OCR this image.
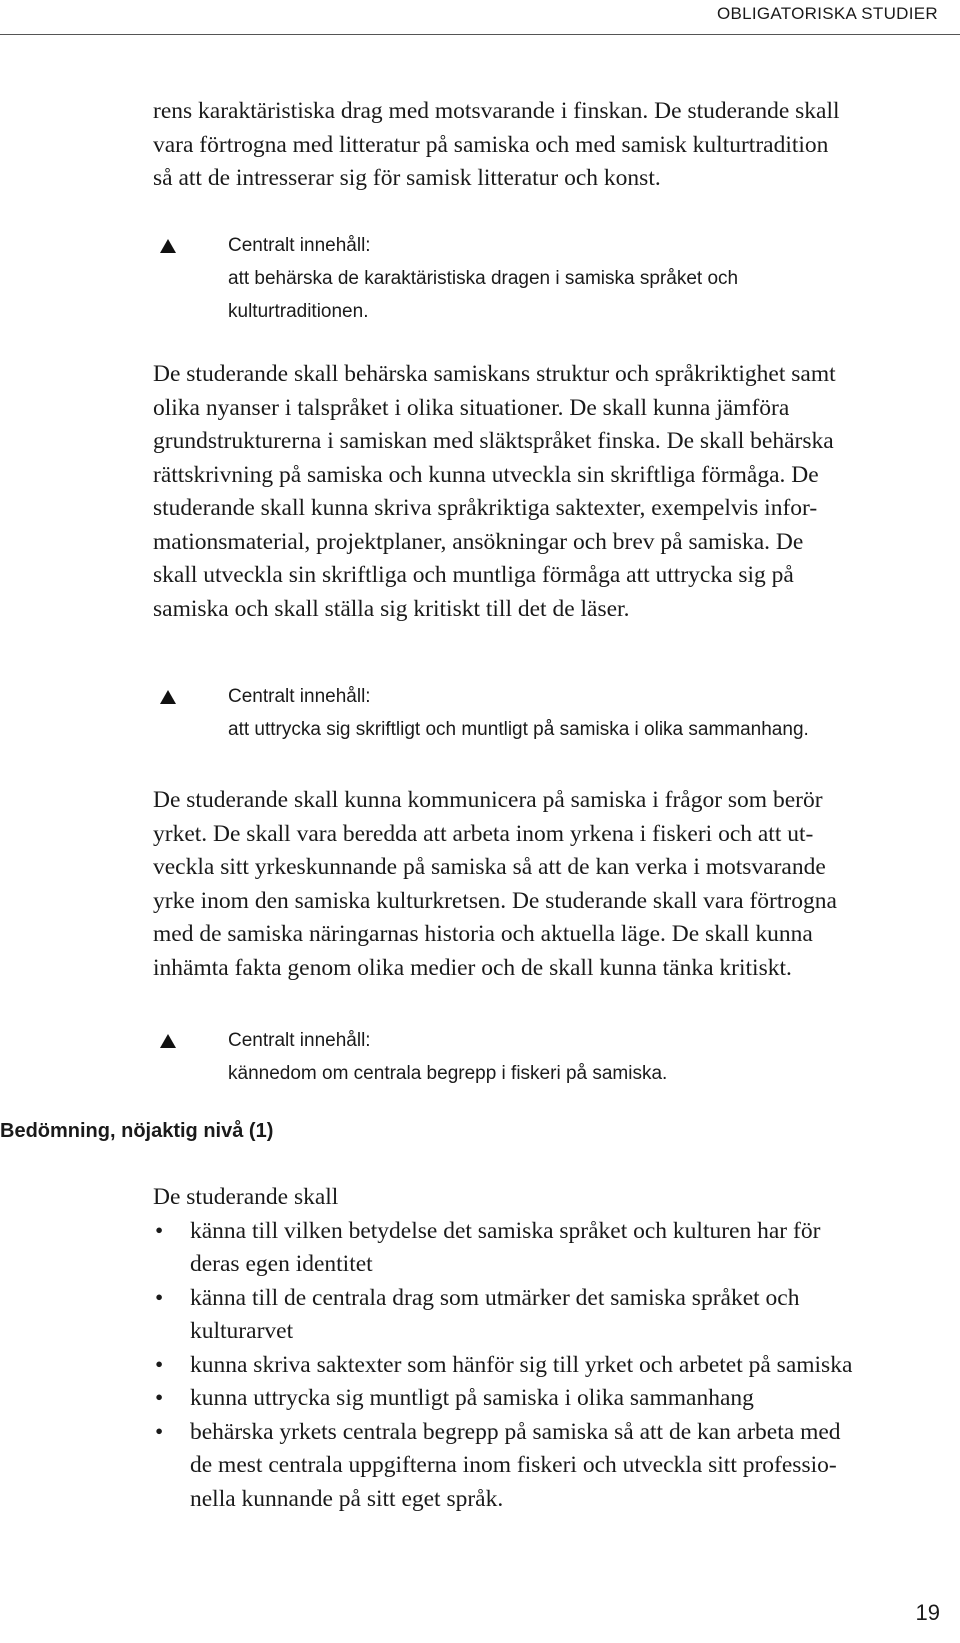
OBLIGATORISKA STUDIER

rens karaktäristiska drag med motsvarande i finskan. De studerande skall

vara förtrogna med litteratur på samiska och med samisk kulturtradition

så att de intresserar sig för samisk litteratur och konst.

Centralt innehåll:
att behärska de karaktäristiska dragen i samiska språket och
kulturtraditionen.

De studerande skall behärska samiskans struktur och språkriktighet samt

olika nyanser i talspråket i olika situationer. De skall kunna jämföra

grundstrukturerna i samiskan med släktspråket finska. De skall behärska

rättskrivning på samiska och kunna utveckla sin skriftliga förmåga. De

studerande skall kunna skriva språkriktiga saktexter, exempelvis infor-

mationsmaterial, projektplaner, ansökningar och brev på samiska. De

skall utveckla sin skriftliga och muntliga förmåga att uttrycka sig på

samiska och skall ställa sig kritiskt till det de läser.

Centralt innehåll:
att uttrycka sig skriftligt och muntligt på samiska i olika sammanhang.

De studerande skall kunna kommunicera på samiska i frågor som berör

yrket. De skall vara beredda att arbeta inom yrkena i fiskeri och att ut-

veckla sitt yrkeskunnande på samiska så att de kan verka i motsvarande

yrke inom den samiska kulturkretsen. De studerande skall vara förtrogna

med de samiska näringarnas historia och aktuella läge. De skall kunna

inhämta fakta genom olika medier och de skall kunna tänka kritiskt.

Centralt innehåll:
kännedom om centrala begrepp i fiskeri på samiska.
Bedömning, nöjaktig nivå (1)

De studerande skall

• känna till vilken betydelse det samiska språket och kulturen har för
deras egen identitet
• känna till de centrala drag som utmärker det samiska språket och
kulturarvet
• kunna skriva saktexter som hänför sig till yrket och arbetet på samiska
• kunna uttrycka sig muntligt på samiska i olika sammanhang
• behärska yrkets centrala begrepp på samiska så att de kan arbeta med
de mest centrala uppgifterna inom fiskeri och utveckla sitt professio-
nella kunnande på sitt eget språk.
19
